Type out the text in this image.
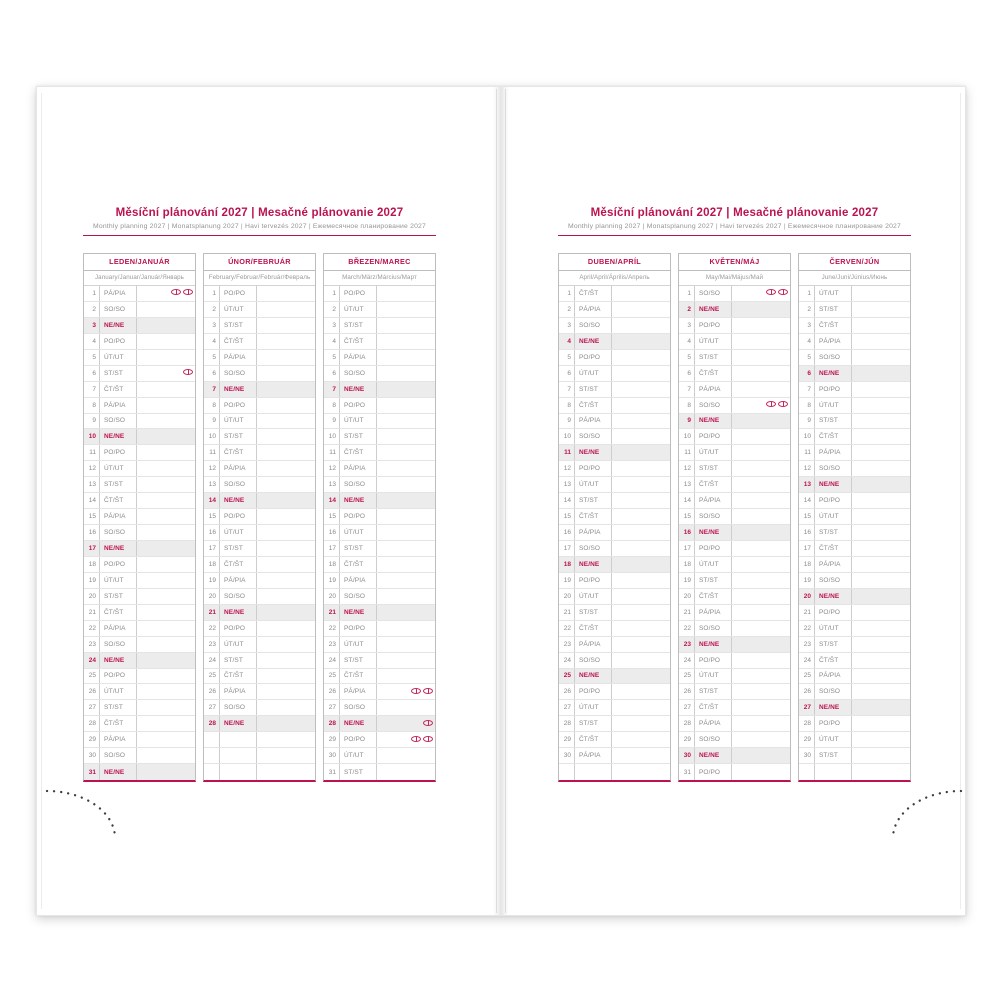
Měsíční plánování 2027 | Mesačné plánovanie 2027
Monthly planning 2027 | Monatsplanung 2027 | Havi tervezés 2027 | Ежемесячное планирование 2027
LEDEN/JANUÁR
January/Januar/Január/Январь
1	PÁ/PIA
2	SO/SO
3	NE/NE
4	PO/PO
5	ÚT/UT
6	ST/ST
7	ČT/ŠT
8	PÁ/PIA
9	SO/SO
10	NE/NE
11	PO/PO
12	ÚT/UT
13	ST/ST
14	ČT/ŠT
15	PÁ/PIA
16	SO/SO
17	NE/NE
18	PO/PO
19	ÚT/UT
20	ST/ST
21	ČT/ŠT
22	PÁ/PIA
23	SO/SO
24	NE/NE
25	PO/PO
26	ÚT/UT
27	ST/ST
28	ČT/ŠT
29	PÁ/PIA
30	SO/SO
31	NE/NE
ÚNOR/FEBRUÁR
February/Februar/Február/Февраль
1	PO/PO
2	ÚT/UT
3	ST/ST
4	ČT/ŠT
5	PÁ/PIA
6	SO/SO
7	NE/NE
8	PO/PO
9	ÚT/UT
10	ST/ST
11	ČT/ŠT
12	PÁ/PIA
13	SO/SO
14	NE/NE
15	PO/PO
16	ÚT/UT
17	ST/ST
18	ČT/ŠT
19	PÁ/PIA
20	SO/SO
21	NE/NE
22	PO/PO
23	ÚT/UT
24	ST/ST
25	ČT/ŠT
26	PÁ/PIA
27	SO/SO
28	NE/NE
BŘEZEN/MAREC
March/März/Március/Март
1	PO/PO
2	ÚT/UT
3	ST/ST
4	ČT/ŠT
5	PÁ/PIA
6	SO/SO
7	NE/NE
8	PO/PO
9	ÚT/UT
10	ST/ST
11	ČT/ŠT
12	PÁ/PIA
13	SO/SO
14	NE/NE
15	PO/PO
16	ÚT/UT
17	ST/ST
18	ČT/ŠT
19	PÁ/PIA
20	SO/SO
21	NE/NE
22	PO/PO
23	ÚT/UT
24	ST/ST
25	ČT/ŠT
26	PÁ/PIA
27	SO/SO
28	NE/NE
29	PO/PO
30	ÚT/UT
31	ST/ST
Měsíční plánování 2027 | Mesačné plánovanie 2027
Monthly planning 2027 | Monatsplanung 2027 | Havi tervezés 2027 | Ежемесячное планирование 2027
DUBEN/APRÍL
April/April/Április/Апрель
1	ČT/ŠT
2	PÁ/PIA
3	SO/SO
4	NE/NE
5	PO/PO
6	ÚT/UT
7	ST/ST
8	ČT/ŠT
9	PÁ/PIA
10	SO/SO
11	NE/NE
12	PO/PO
13	ÚT/UT
14	ST/ST
15	ČT/ŠT
16	PÁ/PIA
17	SO/SO
18	NE/NE
19	PO/PO
20	ÚT/UT
21	ST/ST
22	ČT/ŠT
23	PÁ/PIA
24	SO/SO
25	NE/NE
26	PO/PO
27	ÚT/UT
28	ST/ST
29	ČT/ŠT
30	PÁ/PIA
KVĚTEN/MÁJ
May/Mai/Május/Май
1	SO/SO
2	NE/NE
3	PO/PO
4	ÚT/UT
5	ST/ST
6	ČT/ŠT
7	PÁ/PIA
8	SO/SO
9	NE/NE
10	PO/PO
11	ÚT/UT
12	ST/ST
13	ČT/ŠT
14	PÁ/PIA
15	SO/SO
16	NE/NE
17	PO/PO
18	ÚT/UT
19	ST/ST
20	ČT/ŠT
21	PÁ/PIA
22	SO/SO
23	NE/NE
24	PO/PO
25	ÚT/UT
26	ST/ST
27	ČT/ŠT
28	PÁ/PIA
29	SO/SO
30	NE/NE
31	PO/PO
ČERVEN/JÚN
June/Juni/Június/Июнь
1	ÚT/UT
2	ST/ST
3	ČT/ŠT
4	PÁ/PIA
5	SO/SO
6	NE/NE
7	PO/PO
8	ÚT/UT
9	ST/ST
10	ČT/ŠT
11	PÁ/PIA
12	SO/SO
13	NE/NE
14	PO/PO
15	ÚT/UT
16	ST/ST
17	ČT/ŠT
18	PÁ/PIA
19	SO/SO
20	NE/NE
21	PO/PO
22	ÚT/UT
23	ST/ST
24	ČT/ŠT
25	PÁ/PIA
26	SO/SO
27	NE/NE
28	PO/PO
29	ÚT/UT
30	ST/ST
